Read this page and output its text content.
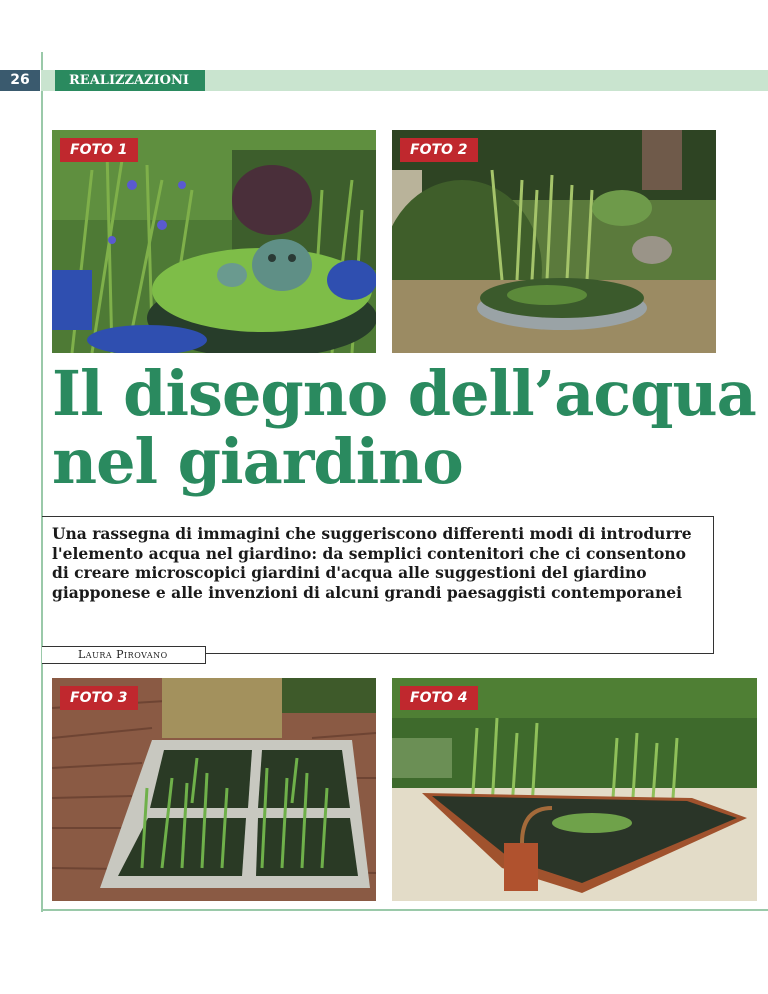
26	REALIZZAZIONI
FOTO 1	FOTO 2
Il disegno dell’acqua nel giardino
Una rassegna di immagini che suggeriscono differenti modi di introdurre l'elemento acqua nel giardino: da semplici contenitori che ci consentono di creare microscopici giardini d'acqua alle suggestioni del giardino giapponese e alle invenzioni di alcuni grandi paesaggisti contemporanei
Laura Pirovano
FOTO 3	FOTO 4
